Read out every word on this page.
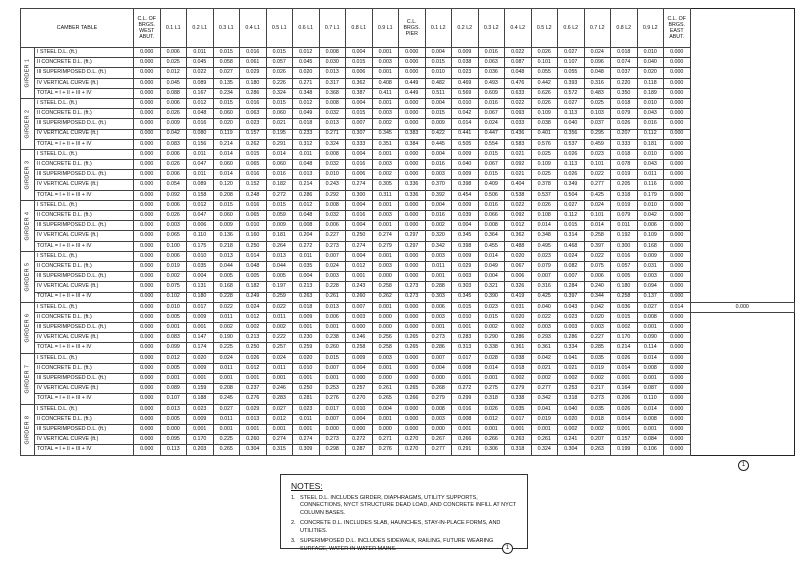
CAMBER TABLE		C.L. OF BRGS. WEST ABUT.	0.1 L1	0.2 L1	0.3 L1	0.4 L1	0.5 L1	0.6 L1	0.7 L1	0.8 L1	0.9 L1	C.L. BRGS. PIER	0.1 L2	0.2 L2	0.3 L2	0.4 L2	0.5 L2	0.6 L2	0.7 L2	0.8 L2	0.9 L2	C.L. OF BRGS. EAST ABUT.	

GIRDER 1	I STEEL D.L. (ft.)	0.000	0.006	0.011	0.015	0.016	0.015	0.012	0.008	0.004	0.001	0.000	0.004	0.009	0.016	0.022	0.026	0.027	0.024	0.018	0.010	0.000	
	II CONCRETE D.L. (ft.)	0.000	0.025	0.045	0.058	0.061	0.057	0.045	0.030	0.015	0.003	0.000	0.015	0.038	0.063	0.087	0.101	0.107	0.096	0.074	0.040	0.000	
	III SUPERIMPOSED D.L. (ft.)	0.000	0.012	0.022	0.027	0.029	0.026	0.020	0.013	0.006	0.001	0.000	0.010	0.023	0.036	0.048	0.055	0.055	0.048	0.037	0.020	0.000	
	IV VERTICAL CURVE (ft.)	0.000	0.045	0.089	0.135	0.180	0.226	0.271	0.317	0.362	0.408	0.449	0.482	0.469	0.493	0.476	0.442	0.393	0.316	0.220	0.118	0.000	
	TOTAL = I + II + III + IV	0.000	0.088	0.167	0.234	0.286	0.324	0.348	0.368	0.387	0.411	0.449	0.511	0.569	0.609	0.633	0.626	0.572	0.483	0.350	0.189	0.000	

GIRDER 2	I STEEL D.L. (ft.)	0.000	0.006	0.012	0.015	0.016	0.015	0.012	0.008	0.004	0.001	0.000	0.004	0.010	0.016	0.022	0.026	0.027	0.025	0.018	0.010	0.000	
	II CONCRETE D.L. (ft.)	0.000	0.026	0.048	0.060	0.063	0.060	0.049	0.032	0.015	0.003	0.000	0.015	0.042	0.067	0.093	0.109	0.113	0.103	0.079	0.043	0.000	
	III SUPERIMPOSED D.L. (ft.)	0.000	0.009	0.016	0.020	0.023	0.021	0.018	0.013	0.007	0.002	0.000	0.009	0.014	0.024	0.033	0.038	0.040	0.037	0.026	0.016	0.000	
	IV VERTICAL CURVE (ft.)	0.000	0.042	0.080	0.119	0.157	0.195	0.233	0.271	0.307	0.345	0.383	0.422	0.441	0.447	0.436	0.401	0.356	0.295	0.207	0.112	0.000	
	TOTAL = I + II + III + IV	0.000	0.083	0.156	0.214	0.262	0.291	0.312	0.324	0.333	0.351	0.384	0.445	0.505	0.554	0.583	0.576	0.537	0.459	0.333	0.181	0.000	

GIRDER 3	I STEEL D.L. (ft.)	0.000	0.006	0.011	0.014	0.015	0.014	0.011	0.008	0.004	0.001	0.000	0.004	0.009	0.015	0.021	0.025	0.026	0.023	0.018	0.010	0.000	
	II CONCRETE D.L. (ft.)	0.000	0.026	0.047	0.060	0.065	0.060	0.048	0.032	0.016	0.003	0.000	0.016	0.040	0.067	0.092	0.109	0.113	0.101	0.078	0.043	0.000	
	III SUPERIMPOSED D.L. (ft.)	0.000	0.006	0.011	0.014	0.016	0.016	0.013	0.010	0.006	0.002	0.000	0.003	0.009	0.015	0.021	0.025	0.026	0.022	0.019	0.011	0.000	
	IV VERTICAL CURVE (ft.)	0.000	0.054	0.089	0.120	0.152	0.182	0.214	0.243	0.274	0.305	0.336	0.370	0.398	0.409	0.404	0.378	0.349	0.277	0.205	0.116	0.000	
	TOTAL = I + II + III + IV	0.000	0.092	0.158	0.208	0.248	0.272	0.286	0.292	0.300	0.311	0.336	0.392	0.454	0.506	0.538	0.537	0.504	0.425	0.318	0.179	0.000	

GIRDER 4	I STEEL D.L. (ft.)	0.000	0.006	0.012	0.015	0.016	0.015	0.012	0.008	0.004	0.001	0.000	0.004	0.009	0.016	0.022	0.026	0.027	0.024	0.019	0.010	0.000	
	II CONCRETE D.L. (ft.)	0.000	0.026	0.047	0.060	0.065	0.059	0.048	0.032	0.016	0.003	0.000	0.016	0.039	0.066	0.092	0.108	0.112	0.101	0.079	0.042	0.000	
	III SUPERIMPOSED D.L. (ft.)	0.000	0.003	0.006	0.009	0.010	0.009	0.008	0.006	0.004	0.001	0.000	0.002	0.004	0.008	0.012	0.014	0.015	0.014	0.011	0.006	0.000	
	IV VERTICAL CURVE (ft.)	0.000	0.065	0.110	0.136	0.160	0.181	0.204	0.227	0.250	0.274	0.297	0.320	0.345	0.364	0.362	0.348	0.314	0.258	0.192	0.109	0.000	
	TOTAL = I + II + III + IV	0.000	0.100	0.175	0.218	0.250	0.264	0.272	0.273	0.274	0.279	0.297	0.342	0.398	0.455	0.488	0.495	0.468	0.397	0.300	0.168	0.000	

GIRDER 5	I STEEL D.L. (ft.)	0.000	0.006	0.010	0.013	0.014	0.013	0.011	0.007	0.004	0.001	0.000	0.003	0.009	0.014	0.020	0.023	0.024	0.022	0.016	0.009	0.000	
	II CONCRETE D.L. (ft.)	0.000	0.019	0.035	0.044	0.048	0.044	0.035	0.024	0.012	0.003	0.000	0.011	0.029	0.049	0.067	0.079	0.082	0.075	0.057	0.031	0.000	
	III SUPERIMPOSED D.L. (ft.)	0.000	0.002	0.004	0.005	0.005	0.005	0.004	0.003	0.001	0.000	0.000	0.001	0.003	0.004	0.006	0.007	0.007	0.006	0.005	0.003	0.000	
	IV VERTICAL CURVE (ft.)	0.000	0.075	0.131	0.168	0.182	0.197	0.213	0.228	0.243	0.258	0.273	0.288	0.303	0.321	0.326	0.316	0.284	0.240	0.180	0.094	0.000	
	TOTAL = I + II + III + IV	0.000	0.102	0.180	0.228	0.249	0.259	0.263	0.261	0.260	0.262	0.273	0.303	0.345	0.390	0.419	0.425	0.397	0.344	0.258	0.137	0.000	

GIRDER 6	I STEEL D.L. (ft.)	0.000	0.010	0.017	0.022	0.024	0.022	0.018	0.013	0.007	0.001	0.000	0.006	0.015	0.023	0.031	0.040	0.043	0.042	0.036	0.027	0.014	0.000
	II CONCRETE D.L. (ft.)	0.000	0.005	0.009	0.011	0.012	0.011	0.009	0.006	0.003	0.000	0.000	0.003	0.010	0.015	0.020	0.022	0.023	0.020	0.015	0.008	0.000	
	III SUPERIMPOSED D.L. (ft.)	0.000	0.001	0.001	0.002	0.002	0.002	0.001	0.001	0.000	0.000	0.000	0.001	0.001	0.002	0.002	0.003	0.003	0.003	0.002	0.001	0.000	
	IV VERTICAL CURVE (ft.)	0.000	0.083	0.147	0.190	0.213	0.222	0.230	0.238	0.246	0.256	0.265	0.273	0.283	0.290	0.286	0.293	0.286	0.227	0.170	0.090	0.000	
	TOTAL = I + II + III + IV	0.000	0.099	0.174	0.225	0.250	0.257	0.259	0.260	0.258	0.258	0.265	0.286	0.313	0.338	0.361	0.361	0.334	0.285	0.214	0.114	0.000	

GIRDER 7	I STEEL D.L. (ft.)	0.000	0.012	0.020	0.024	0.026	0.024	0.020	0.015	0.009	0.003	0.000	0.007	0.017	0.028	0.038	0.042	0.041	0.035	0.026	0.014	0.000	
	II CONCRETE D.L. (ft.)	0.000	0.005	0.009	0.011	0.012	0.011	0.010	0.007	0.004	0.001	0.000	0.004	0.008	0.014	0.018	0.021	0.021	0.019	0.014	0.008	0.000	
	III SUPERIMPOSED D.L. (ft.)	0.000	0.001	0.001	0.001	0.001	0.001	0.001	0.001	0.000	0.000	0.000	0.000	0.001	0.001	0.002	0.002	0.002	0.002	0.001	0.001	0.000	
	IV VERTICAL CURVE (ft.)	0.000	0.089	0.159	0.208	0.237	0.246	0.250	0.253	0.257	0.261	0.265	0.268	0.272	0.275	0.279	0.277	0.253	0.217	0.164	0.087	0.000	
	TOTAL = I + II + III + IV	0.000	0.107	0.188	0.245	0.276	0.283	0.281	0.276	0.270	0.265	0.266	0.279	0.299	0.318	0.338	0.342	0.318	0.273	0.206	0.110	0.000	

GIRDER 8	I STEEL D.L. (ft.)	0.000	0.013	0.023	0.027	0.029	0.027	0.023	0.017	0.010	0.004	0.000	0.008	0.016	0.026	0.035	0.041	0.040	0.035	0.026	0.014	0.000	
	II CONCRETE D.L. (ft.)	0.000	0.005	0.009	0.011	0.013	0.012	0.011	0.007	0.004	0.001	0.000	0.003	0.008	0.012	0.017	0.019	0.020	0.018	0.014	0.008	0.000	
	III SUPERIMPOSED D.L. (ft.)	0.000	0.000	0.001	0.001	0.001	0.001	0.001	0.000	0.000	0.000	0.000	0.000	0.001	0.001	0.001	0.001	0.002	0.002	0.001	0.001	0.000	
	IV VERTICAL CURVE (ft.)	0.000	0.095	0.170	0.225	0.260	0.274	0.274	0.273	0.272	0.271	0.270	0.267	0.266	0.266	0.263	0.261	0.241	0.207	0.157	0.084	0.000	
	TOTAL = I + II + III + IV	0.000	0.113	0.203	0.265	0.304	0.315	0.309	0.298	0.287	0.276	0.270	0.277	0.291	0.306	0.318	0.324	0.304	0.263	0.199	0.106	0.000	
1
NOTES:
1. STEEL D.L. INCLUDES GIRDER, DIAPHRAGMS, UTILITY SUPPORTS, CONNECTIONS, NYCT STRUCTURE DEAD LOAD, AND CONCRETE INFILL AT NYCT COLUMN BASES.
2. CONCRETE D.L. INCLUDES SLAB, HAUNCHES, STAY-IN-PLACE FORMS, AND UTILITIES.
3. SUPERIMPOSED D.L. INCLUDES SIDEWALK, RAILING, FUTURE WEARING SURFACE, WATER IN WATER MAINS.	1
